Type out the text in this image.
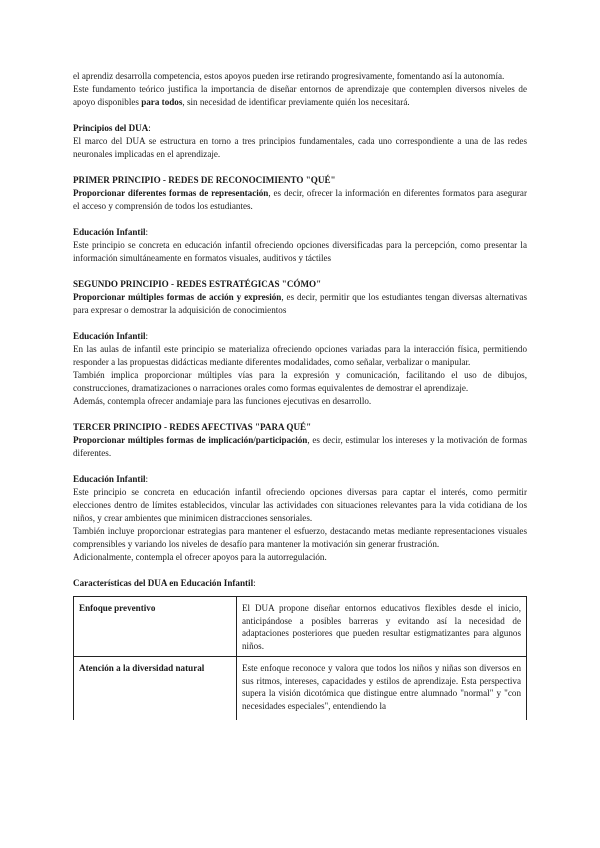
el aprendiz desarrolla competencia, estos apoyos pueden irse retirando progresivamente, fomentando así la autonomía.

Este fundamento teórico justifica la importancia de diseñar entornos de aprendizaje que contemplen diversos niveles de apoyo disponibles para todos, sin necesidad de identificar previamente quién los necesitará.

Principios del DUA:

El marco del DUA se estructura en torno a tres principios fundamentales, cada uno correspondiente a una de las redes neuronales implicadas en el aprendizaje.

PRIMER PRINCIPIO - REDES DE RECONOCIMIENTO "QUÉ"

Proporcionar diferentes formas de representación, es decir, ofrecer la información en diferentes formatos para asegurar el acceso y comprensión de todos los estudiantes.

Educación Infantil:

Este principio se concreta en educación infantil ofreciendo opciones diversificadas para la percepción, como presentar la información simultáneamente en formatos visuales, auditivos y táctiles

SEGUNDO PRINCIPIO - REDES ESTRATÉGICAS "CÓMO"

Proporcionar múltiples formas de acción y expresión, es decir, permitir que los estudiantes tengan diversas alternativas para expresar o demostrar la adquisición de conocimientos

Educación Infantil:

En las aulas de infantil este principio se materializa ofreciendo opciones variadas para la interacción física, permitiendo responder a las propuestas didácticas mediante diferentes modalidades, como señalar, verbalizar o manipular.

También implica proporcionar múltiples vías para la expresión y comunicación, facilitando el uso de dibujos, construcciones, dramatizaciones o narraciones orales como formas equivalentes de demostrar el aprendizaje.

Además, contempla ofrecer andamiaje para las funciones ejecutivas en desarrollo.

TERCER PRINCIPIO - REDES AFECTIVAS "PARA QUÉ"

Proporcionar múltiples formas de implicación/participación, es decir, estimular los intereses y la motivación de formas diferentes.

Educación Infantil:

Este principio se concreta en educación infantil ofreciendo opciones diversas para captar el interés, como permitir elecciones dentro de límites establecidos, vincular las actividades con situaciones relevantes para la vida cotidiana de los niños, y crear ambientes que minimicen distracciones sensoriales.

También incluye proporcionar estrategias para mantener el esfuerzo, destacando metas mediante representaciones visuales comprensibles y variando los niveles de desafío para mantener la motivación sin generar frustración.

Adicionalmente, contempla el ofrecer apoyos para la autorregulación.

Características del DUA en Educación Infantil:

Enfoque preventivo	El DUA propone diseñar entornos educativos flexibles desde el inicio, anticipándose a posibles barreras y evitando así la necesidad de adaptaciones posteriores que pueden resultar estigmatizantes para algunos niños.
Atención a la diversidad natural	Este enfoque reconoce y valora que todos los niños y niñas son diversos en sus ritmos, intereses, capacidades y estilos de aprendizaje. Esta perspectiva supera la visión dicotómica que distingue entre alumnado "normal" y "con necesidades especiales", entendiendo la
